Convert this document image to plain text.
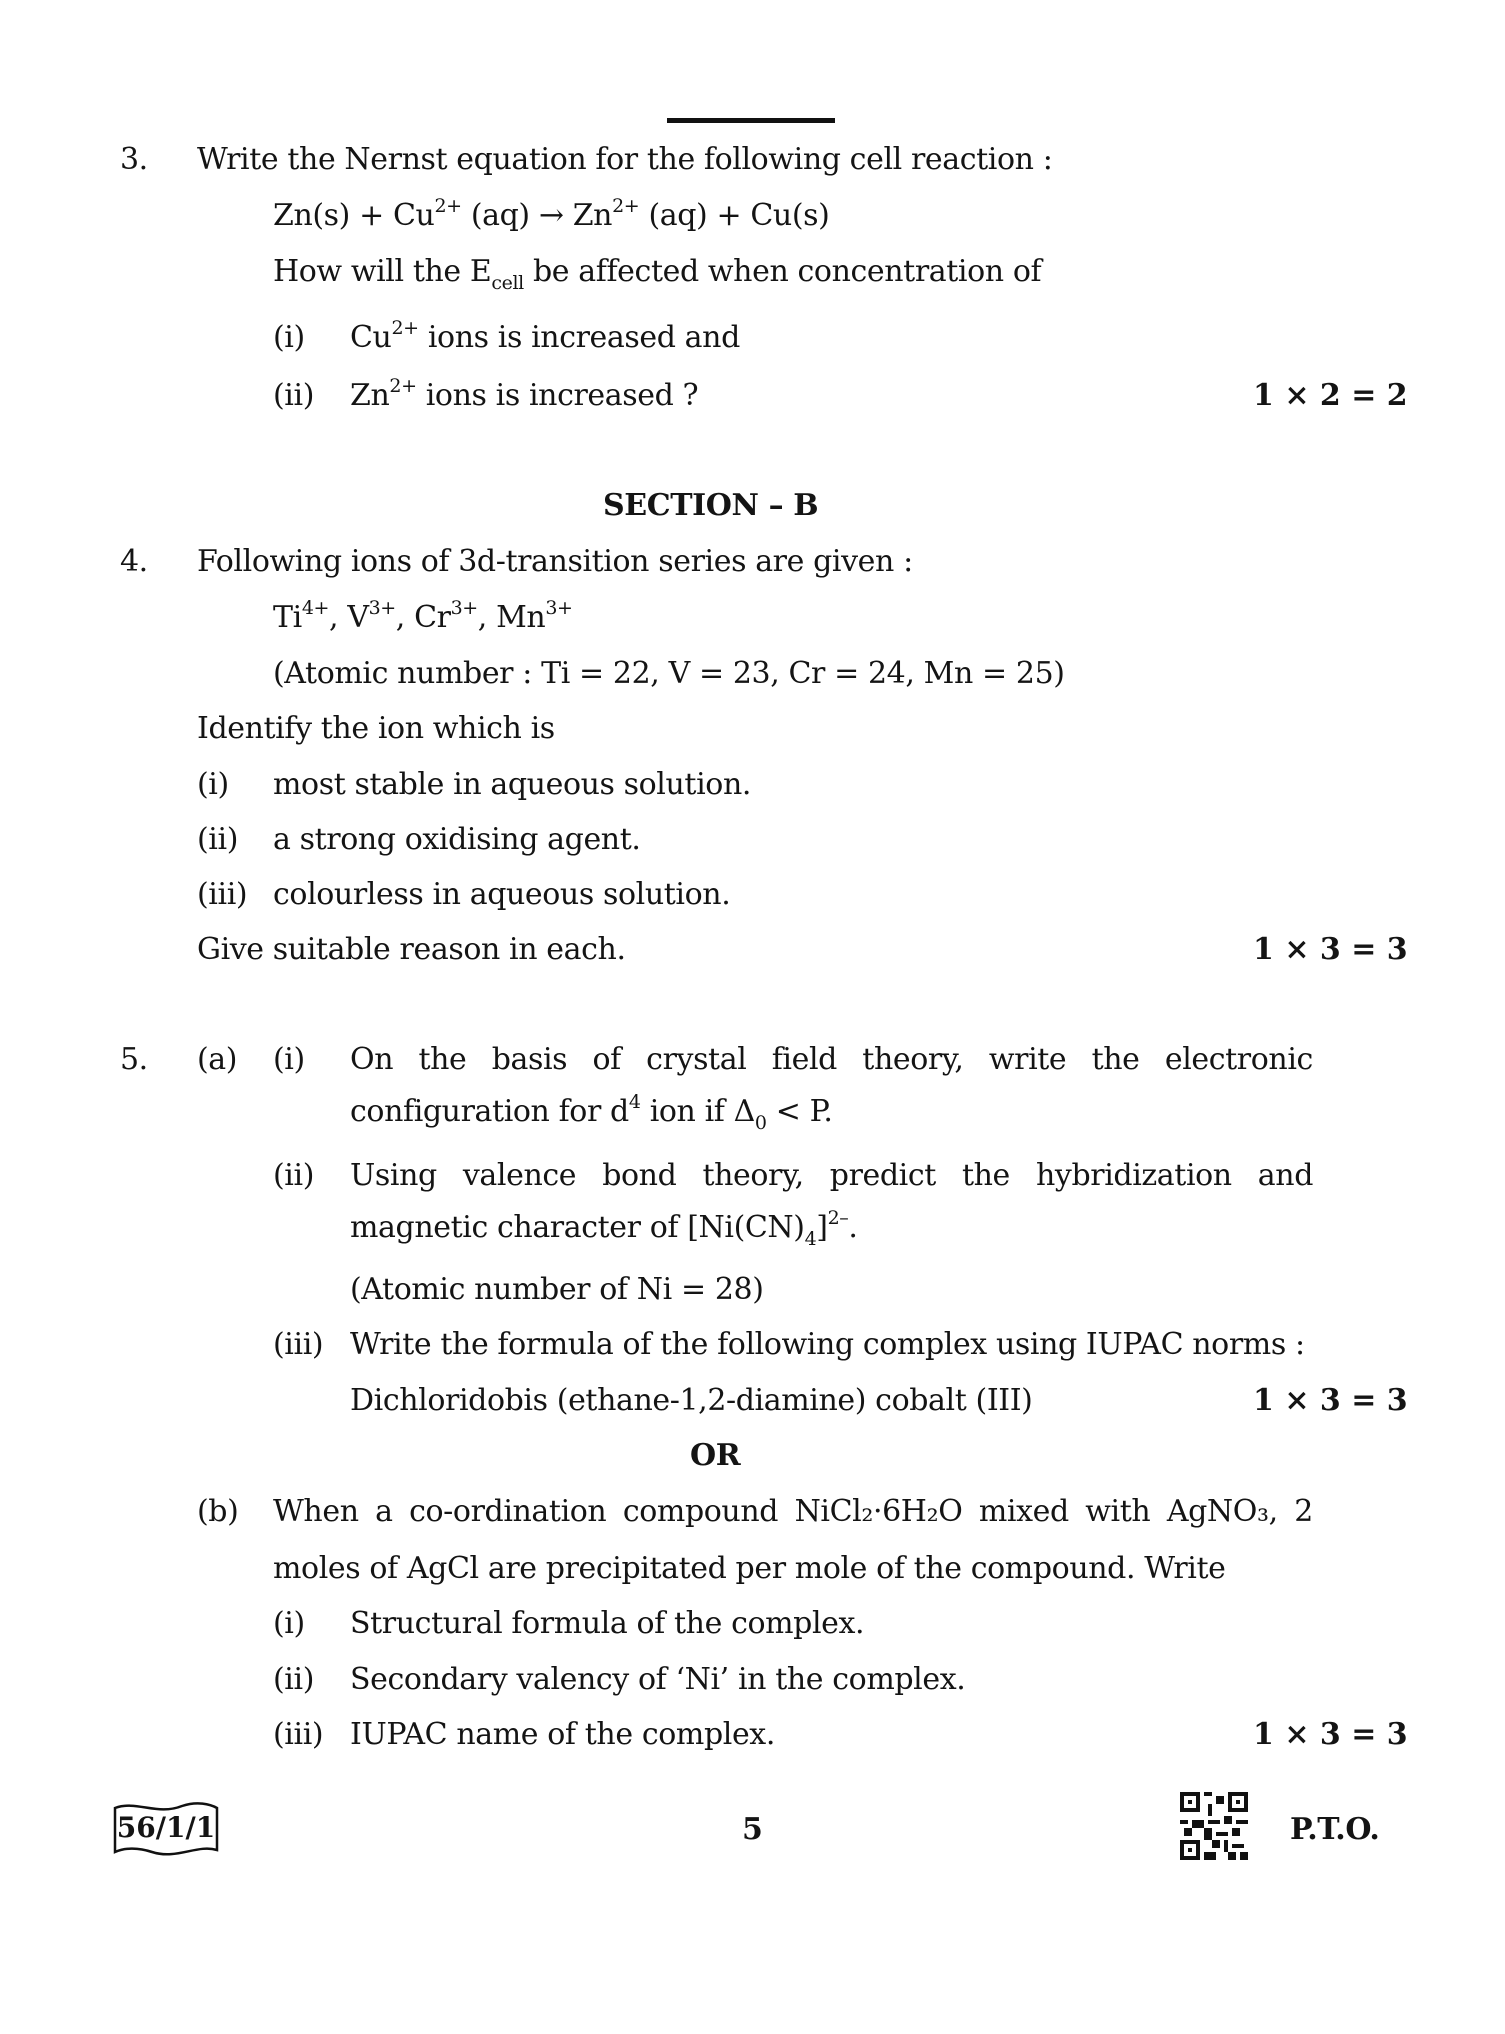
3. Write the Nernst equation for the following cell reaction :
$Zn(s) + Cu^{2+}$ $(aq) \to Zn^{2+}$ (aq) + Cu(s)
How will the $E_{cell}$ be affected when concentration of
(i) $Cu^{2+}$ ions is increased and
(ii) $Zn^{2+}$ ions is increased ?	1 × 2 = 2
SECTION – B
4. Following ions of 3d-transition series are given :
$Ti^{4+}$, $V^{3+}$, $Cr^{3+}$, $Mn^{3+}$
(Atomic number : Ti = 22, V = 23, Cr = 24, Mn = 25)
Identify the ion which is
(i) most stable in aqueous solution.
(ii) a strong oxidising agent.
(iii) colourless in aqueous solution.
Give suitable reason in each.	1 × 3 = 3
5. (a) (i) On the basis of crystal field theory, write the electronic
configuration for $d^4$ ion if $\Delta_0 < P$.
(ii) Using valence bond theory, predict the hybridization and
magnetic character of $[Ni(CN)_4]^{2-}$.
(Atomic number of Ni = 28)
(iii) Write the formula of the following complex using IUPAC norms :
Dichloridobis (ethane-1,2-diamine) cobalt (III)	1 × 3 = 3
OR
(b) When a co-ordination compound NiCl₂·6H₂O mixed with AgNO₃, 2
moles of AgCl are precipitated per mole of the compound. Write
(i) Structural formula of the complex.
(ii) Secondary valency of ‘Ni’ in the complex.
(iii) IUPAC name of the complex.	1 × 3 = 3
56/1/1	5	P.T.O.
